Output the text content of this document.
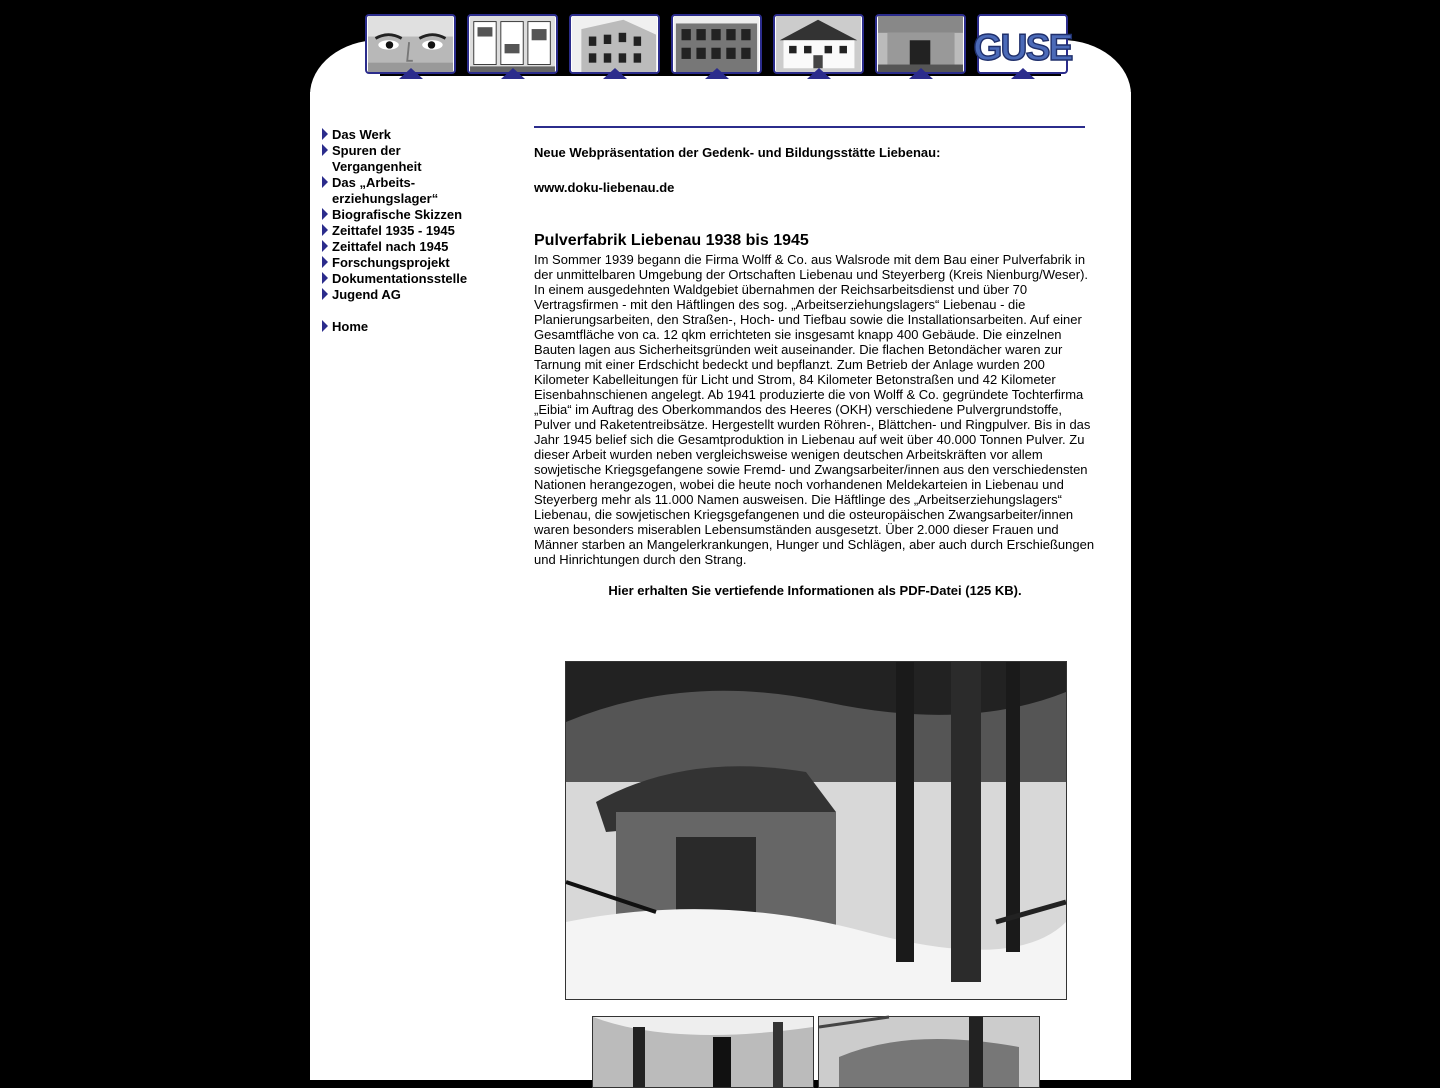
GUSE
Das Werk
Spuren der Vergangenheit
Das „Arbeits-erziehungslager“
Biografische Skizzen
Zeittafel 1935 - 1945
Zeittafel nach 1945
Forschungsprojekt
Dokumentationsstelle
Jugend AG
Home
Neue Webpräsentation der Gedenk- und Bildungsstätte Liebenau:
www.doku-liebenau.de
Pulverfabrik Liebenau 1938 bis 1945

Im Sommer 1939 begann die Firma Wolff & Co. aus Walsrode mit dem Bau einer Pulverfabrik in der unmittelbaren Umgebung der Ortschaften Liebenau und Steyerberg (Kreis Nienburg/Weser). In einem ausgedehnten Waldgebiet übernahmen der Reichsarbeitsdienst und über 70 Vertragsfirmen - mit den Häftlingen des sog. „Arbeitserziehungslagers“ Liebenau - die Planierungsarbeiten, den Straßen-, Hoch- und Tiefbau sowie die Installationsarbeiten. Auf einer Gesamtfläche von ca. 12 qkm errichteten sie insgesamt knapp 400 Gebäude. Die einzelnen Bauten lagen aus Sicherheitsgründen weit auseinander. Die flachen Betondächer waren zur Tarnung mit einer Erdschicht bedeckt und bepflanzt. Zum Betrieb der Anlage wurden 200 Kilometer Kabelleitungen für Licht und Strom, 84 Kilometer Betonstraßen und 42 Kilometer Eisenbahnschienen angelegt. Ab 1941 produzierte die von Wolff & Co. gegründete Tochterfirma „Eibia“ im Auftrag des Oberkommandos des Heeres (OKH) verschiedene Pulvergrundstoffe, Pulver und Raketentreibsätze. Hergestellt wurden Röhren-, Blättchen- und Ringpulver. Bis in das Jahr 1945 belief sich die Gesamtproduktion in Liebenau auf weit über 40.000 Tonnen Pulver. Zu dieser Arbeit wurden neben vergleichsweise wenigen deutschen Arbeitskräften vor allem sowjetische Kriegsgefangene sowie Fremd- und Zwangsarbeiter/innen aus den verschiedensten Nationen herangezogen, wobei die heute noch vorhandenen Meldekarteien in Liebenau und Steyerberg mehr als 11.000 Namen ausweisen. Die Häftlinge des „Arbeitserziehungslagers“ Liebenau, die sowjetischen Kriegsgefangenen und die osteuropäischen Zwangsarbeiter/innen waren besonders miserablen Lebensumständen ausgesetzt. Über 2.000 dieser Frauen und Männer starben an Mangelerkrankungen, Hunger und Schlägen, aber auch durch Erschießungen und Hinrichtungen durch den Strang.

Hier erhalten Sie vertiefende Informationen als PDF-Datei (125 KB).
